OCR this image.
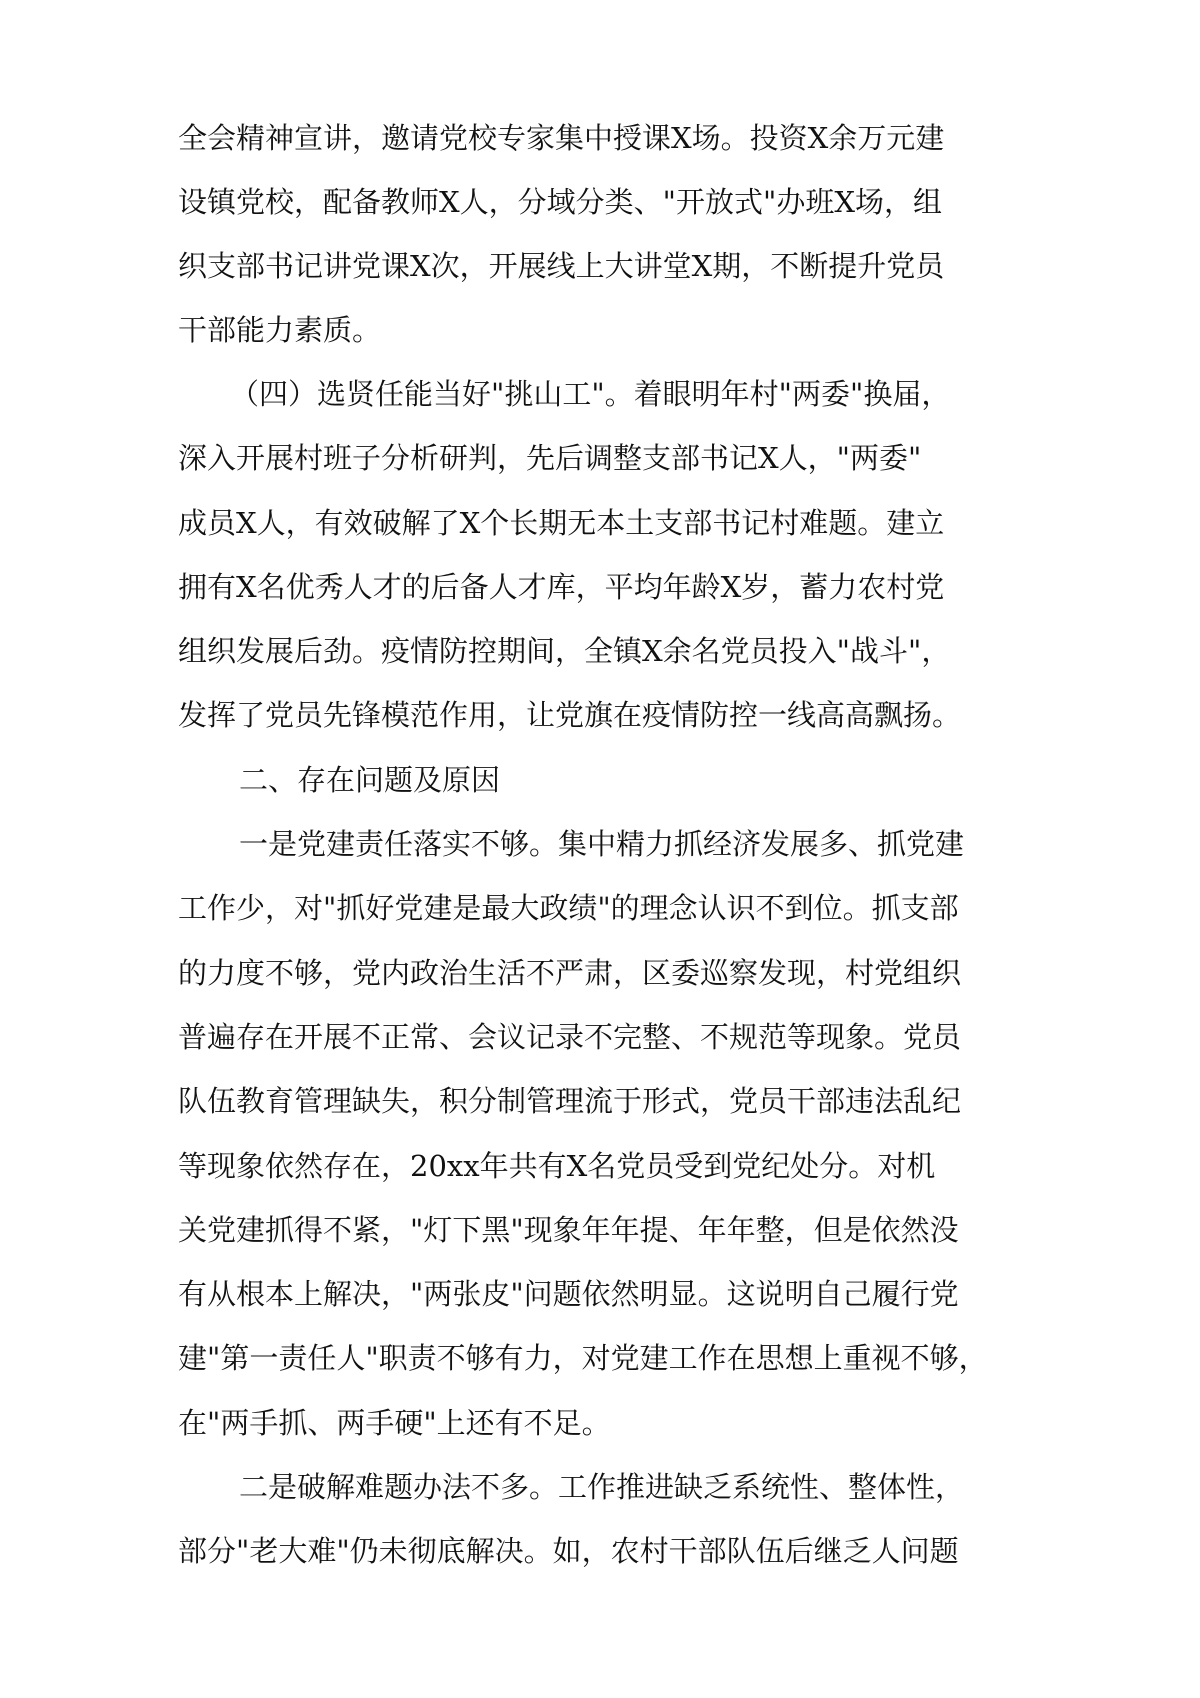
全会精神宣讲，邀请党校专家集中授课X场。投资X余万元建
设镇党校，配备教师X人，分域分类、"开放式"办班X场，组
织支部书记讲党课X次，开展线上大讲堂X期，不断提升党员
干部能力素质。
（四）选贤任能当好"挑山工"。着眼明年村"两委"换届，
深入开展村班子分析研判，先后调整支部书记X人，"两委"
成员X人，有效破解了X个长期无本土支部书记村难题。建立
拥有X名优秀人才的后备人才库，平均年龄X岁，蓄力农村党
组织发展后劲。疫情防控期间，全镇X余名党员投入"战斗"，
发挥了党员先锋模范作用，让党旗在疫情防控一线高高飘扬。
二、存在问题及原因
一是党建责任落实不够。集中精力抓经济发展多、抓党建
工作少，对"抓好党建是最大政绩"的理念认识不到位。抓支部
的力度不够，党内政治生活不严肃，区委巡察发现，村党组织
普遍存在开展不正常、会议记录不完整、不规范等现象。党员
队伍教育管理缺失，积分制管理流于形式，党员干部违法乱纪
等现象依然存在，20xx年共有X名党员受到党纪处分。对机
关党建抓得不紧，"灯下黑"现象年年提、年年整，但是依然没
有从根本上解决，"两张皮"问题依然明显。这说明自己履行党
建"第一责任人"职责不够有力，对党建工作在思想上重视不够，
在"两手抓、两手硬"上还有不足。
二是破解难题办法不多。工作推进缺乏系统性、整体性，
部分"老大难"仍未彻底解决。如，农村干部队伍后继乏人问题
